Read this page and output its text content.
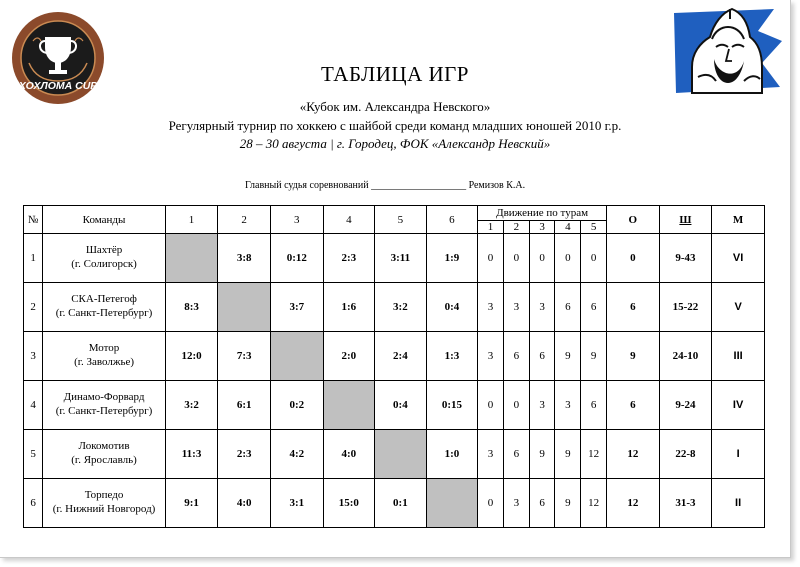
ХОХЛОМА CUP	ТАБЛИЦА ИГР
«Кубок им. Александра Невского»
Регулярный турнир по хоккею с шайбой среди команд младших юношей 2010 г.р.
28 – 30 августа | г. Городец, ФОК «Александр Невский»
Главный судья соревнований ___________________ Ремизов К.А.
№	Команды	1	2	3	4	5	6	Движение по турам					О	Ш	М
								1	2	3	4	5			
1	Шахтёр
(г. Солигорск)		3:8	0:12	2:3	3:11	1:9	0	0	0	0	0	0	9-43	VI
2	СКА-Петегоф
(г. Санкт-Петербург)	8:3		3:7	1:6	3:2	0:4	3	3	3	6	6	6	15-22	V
3	Мотор
(г. Заволжье)	12:0	7:3		2:0	2:4	1:3	3	6	6	9	9	9	24-10	III
4	Динамо-Форвард
(г. Санкт-Петербург)	3:2	6:1	0:2		0:4	0:15	0	0	3	3	6	6	9-24	IV
5	Локомотив
(г. Ярославль)	11:3	2:3	4:2	4:0		1:0	3	6	9	9	12	12	22-8	I
6	Торпедо
(г. Нижний Новгород)	9:1	4:0	3:1	15:0	0:1		0	3	6	9	12	12	31-3	II
